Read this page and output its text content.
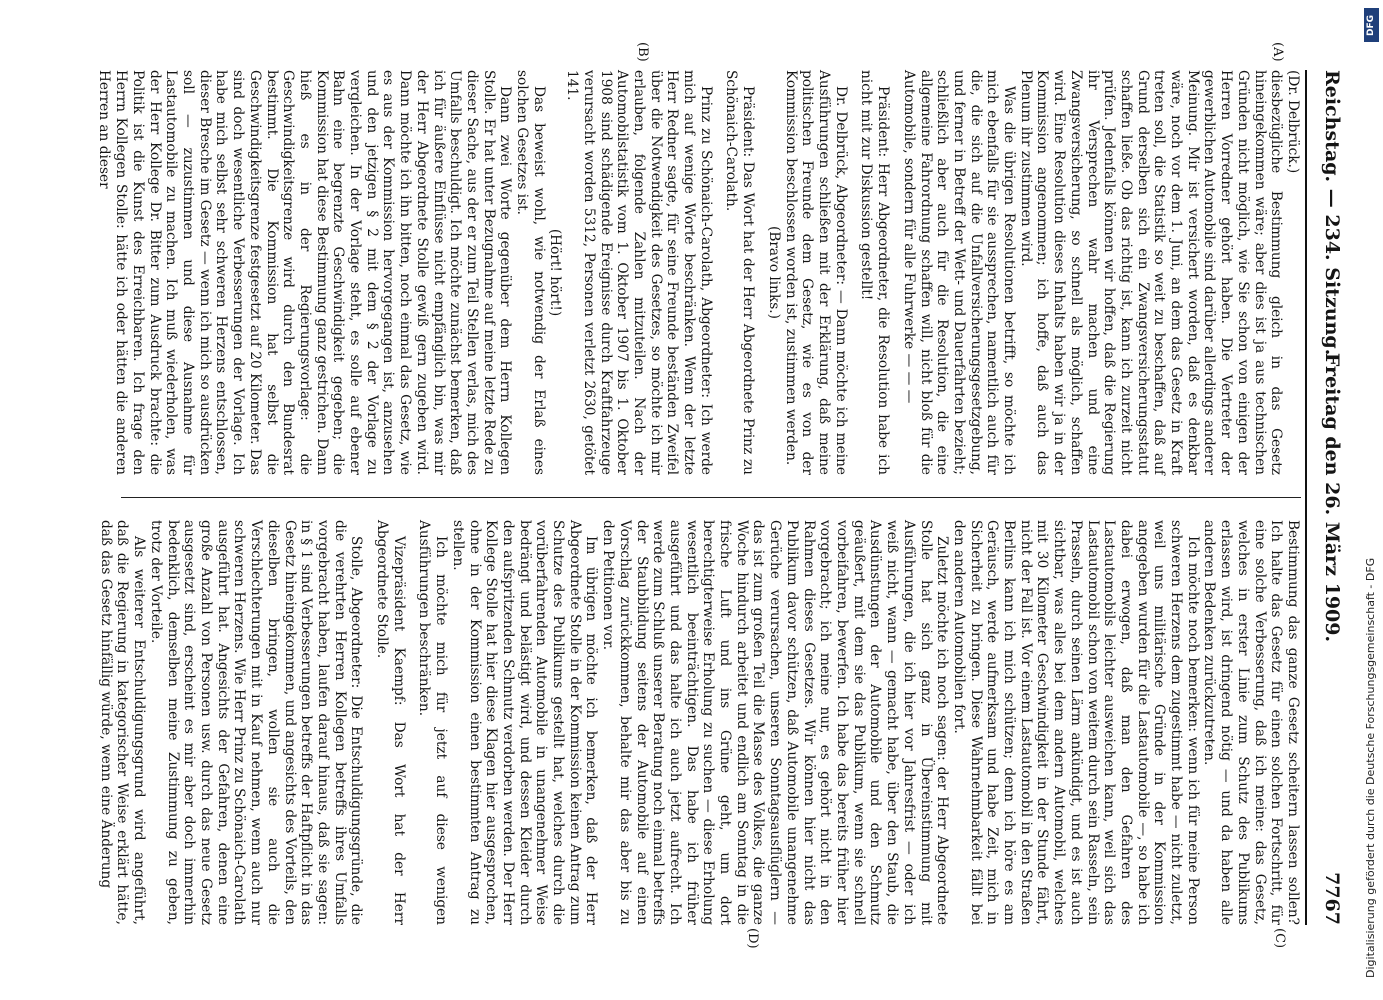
Reichstag. — 234. Sitzung.
Freitag den 26. März 1909.
7767
(A)
(B)
(C)
(D)

(Dr. Delbrück.)

diesbezügliche Bestimmung gleich in das Gesetz hineingekommen wäre; aber dies ist ja aus technischen Gründen nicht möglich, wie Sie schon von einigen der Herren Vorredner gehört haben. Die Vertreter der gewerblichen Automobile sind darüber allerdings anderer Meinung. Mir ist versichert worden, daß es denkbar wäre, noch vor dem 1. Juni, an dem das Gesetz in Kraft treten soll, die Statistik so weit zu beschaffen, daß auf Grund derselben sich ein Zwangsversicherungsstatut schaffen ließe. Ob das richtig ist, kann ich zurzeit nicht prüfen. Jedenfalls können wir hoffen, daß die Regierung ihr Versprechen wahr machen und eine Zwangsversicherung, so schnell als möglich, schaffen wird. Eine Resolution dieses Inhalts haben wir ja in der Kommission angenommen; ich hoffe, daß auch das Plenum ihr zustimmen wird.

Was die übrigen Resolutionen betrifft, so möchte ich mich ebenfalls für sie aussprechen, namentlich auch für die, die sich auf die Unfallversicherungsgesetzgebung, und ferner in Betreff der Wett- und Dauerfahrten bezieht; schließlich aber auch für die Resolution, die eine allgemeine Fahrordnung schaffen will, nicht bloß für die Automobile, sondern für alle Fuhrwerke — — —

Präsident: Herr Abgeordneter, die Resolution habe ich nicht mit zur Diskussion gestellt!

Dr. Delbrück, Abgeordneter: — Dann möchte ich meine Ausführungen schließen mit der Erklärung, daß meine politischen Freunde dem Gesetz, wie es von der Kommission beschlossen worden ist, zustimmen werden.

(Bravo links.)

Präsident: Das Wort hat der Herr Abgeordnete Prinz zu Schönaich-Carolath.

Prinz zu Schönaich-Carolath, Abgeordneter: Ich werde mich auf wenige Worte beschränken. Wenn der letzte Herr Redner sagte, für seine Freunde beständen Zweifel über die Notwendigkeit des Gesetzes, so möchte ich mir erlauben, folgende Zahlen mitzuteilen. Nach der Automobilstatistik vom 1. Oktober 1907 bis 1. Oktober 1908 sind schädigende Ereignisse durch Kraftfahrzeuge verursacht worden 5312, Personen verletzt 2630, getötet 141.

(Hört! hört!)

Das beweist wohl, wie notwendig der Erlaß eines solchen Gesetzes ist.

Dann zwei Worte gegenüber dem Herrn Kollegen Stolle. Er hat unter Bezugnahme auf meine letzte Rede zu dieser Sache, aus der er zum Teil Stellen verlas, mich des Umfalls beschuldigt. Ich möchte zunächst bemerken, daß ich für äußere Einflüsse nicht empfänglich bin, was mir der Herr Abgeordnete Stolle gewiß gern zugeben wird. Dann möchte ich ihn bitten, noch einmal das Gesetz, wie es aus der Kommission hervorgegangen ist, anzusehen und den jetzigen § 2 mit dem § 2 der Vorlage zu vergleichen. In der Vorlage steht, es solle auf ebener Bahn eine begrenzte Geschwindigkeit gegeben; die Kommission hat diese Bestimmung ganz gestrichen. Dann hieß es in der Regierungsvorlage: die Geschwindigkeitsgrenze wird durch den Bundesrat bestimmt. Die Kommission hat selbst die Geschwindigkeitsgrenze festgesetzt auf 20 Kilometer. Das sind doch wesentliche Verbesserungen der Vorlage. Ich habe mich selbst sehr schweren Herzens entschlossen, dieser Bresche im Gesetz — wenn ich mich so ausdrücken soll — zuzustimmen und diese Ausnahme für Lastautomobile zu machen. Ich muß wiederholen, was der Herr Kollege Dr. Bitter zum Ausdruck brachte: die Politik ist die Kunst des Erreichbaren. Ich frage den Herrn Kollegen Stolle: hätte ich oder hätten die anderen Herren an dieser

Bestimmung das ganze Gesetz scheitern lassen sollen? Ich halte das Gesetz für einen solchen Fortschritt, für eine solche Verbesserung, daß ich meine: das Gesetz, welches in erster Linie zum Schutz des Publikums erlassen wird, ist dringend nötig — und da haben alle anderen Bedenken zurückzutreten.

Ich möchte noch bemerken: wenn ich für meine Person schweren Herzens dem zugestimmt habe — nicht zuletzt, weil uns militärische Gründe in der Kommission angegeben wurden für die Lastautomobile —, so habe ich dabei erwogen, daß man den Gefahren des Lastautomobils leichter ausweichen kann, weil sich das Lastautomobil schon von weitem durch sein Rasseln, sein Prasseln, durch seinen Lärm ankündigt, und es ist auch sichtbar, was alles bei dem andern Automobil, welches mit 30 Kilometer Geschwindigkeit in der Stunde fährt, nicht der Fall ist. Vor einem Lastautomobil in den Straßen Berlins kann ich mich schützen; denn ich höre es am Geräusch, werde aufmerksam und habe Zeit, mich in Sicherheit zu bringen. Diese Wahrnehmbarkeit fällt bei den anderen Automobilen fort.

Zuletzt möchte ich noch sagen: der Herr Abgeordnete Stolle hat sich ganz in Übereinstimmung mit Ausführungen, die ich hier vor Jahresfrist — oder ich weiß nicht, wann — gemacht habe, über den Staub, die Ausdünstungen der Automobile und den Schmutz geäußert, mit dem sie das Publikum, wenn sie schnell vorbeifahren, bewerfen. Ich habe das bereits früher hier vorgebracht; ich meine nur, es gehört nicht in den Rahmen dieses Gesetzes. Wir können hier nicht das Publikum davor schützen, daß Automobile unangenehme Gerüche verursachen, unseren Sonntagsausflüglern — das ist zum großen Teil die Masse des Volkes, die ganze Woche hindurch arbeitet und endlich am Sonntag in die frische Luft und ins Grüne geht, um dort berechtigterweise Erholung zu suchen — diese Erholung wesentlich beeinträchtigen. Das habe ich früher ausgeführt und das halte ich auch jetzt aufrecht. Ich werde zum Schluß unserer Beratung noch einmal betreffs der Staubbildung seitens der Automobile auf einen Vorschlag zurückkommen, behalte mir das aber bis zu den Petitionen vor.

Im übrigen möchte ich bemerken, daß der Herr Abgeordnete Stolle in der Kommission keinen Antrag zum Schutze des Publikums gestellt hat, welches durch die vorüberfahrenden Automobile in unangenehmer Weise bedrängt und belästigt wird, und dessen Kleider durch den aufspritzenden Schmutz verdorben werden. Der Herr Kollege Stolle hat hier diese Klagen hier ausgesprochen, ohne in der Kommission einen bestimmten Antrag zu stellen.

Ich möchte mich für jetzt auf diese wenigen Ausführungen beschränken.

Vizepräsident Kaempf: Das Wort hat der Herr Abgeordnete Stolle.

Stolle, Abgeordneter: Die Entschuldigungsgründe, die die verehrten Herren Kollegen betreffs ihres Umfalls vorgebracht haben, laufen darauf hinaus, daß sie sagen: in § 1 sind Verbesserungen betreffs der Haftpflicht in das Gesetz hineingekommen, und angesichts des Vorteils, den dieselben bringen, wollen sie auch die Verschlechterungen mit in Kauf nehmen, wenn auch nur schweren Herzens. Wie Herr Prinz zu Schönaich-Carolath ausgeführt hat. Angesichts der Gefahren, denen eine große Anzahl von Personen usw. durch das neue Gesetz ausgesetzt sind, erscheint es mir aber doch immerhin bedenklich, demselben meine Zustimmung zu geben, trotz der Vorteile.

Als weiterer Entschuldigungsgrund wird angeführt, daß die Regierung in kategorischer Weise erklärt hätte, daß das Gesetz hinfällig würde, wenn eine Änderung

DFG
Digitalisierung gefördert durch die Deutsche Forschungsgemeinschaft - DFG
